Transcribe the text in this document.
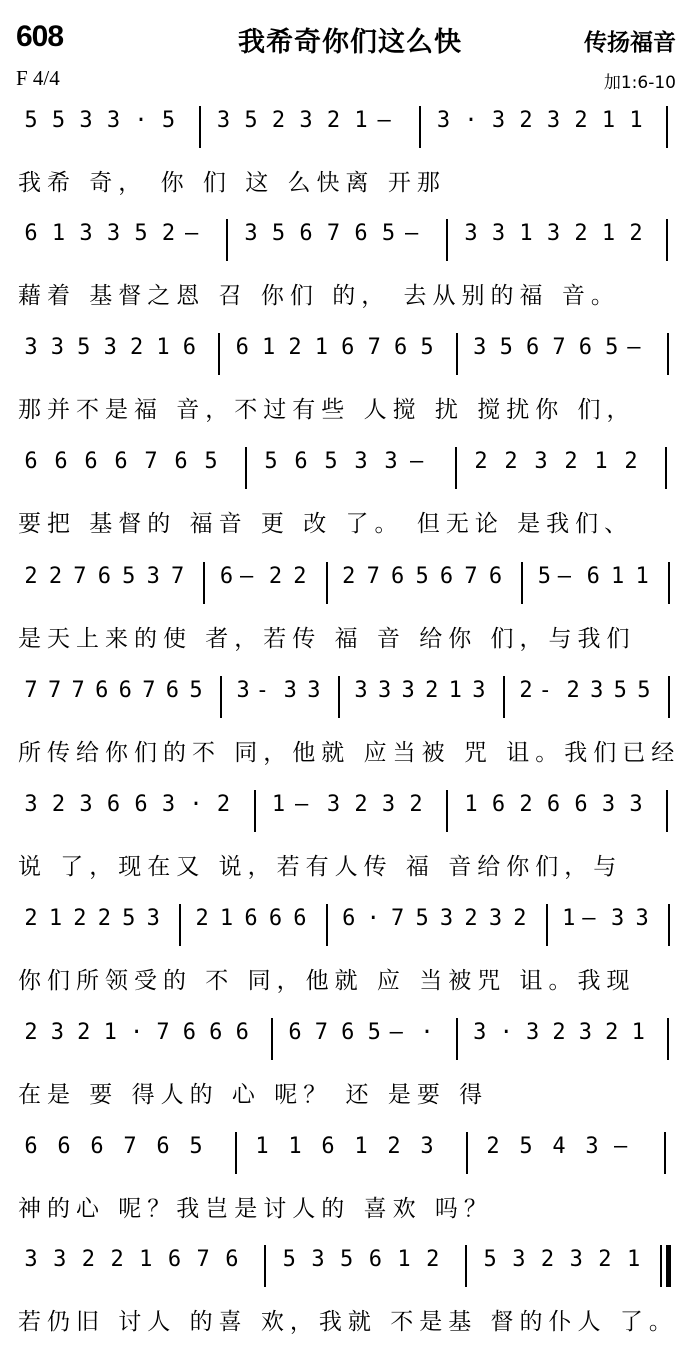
608	我希奇你们这么快	传扬福音
F 4/4	加1:6-10
5 5 3 3 · 5 3 5 2 3 2 1 — 3 · 3 2 3 2 1 1
我希 奇， 你 们 这 么快离 开那
6 1 3 3 5 2 — 3 5 6 7 6 5 — 3 3 1 3 2 1 2
藉着 基督之恩 召 你们 的， 去从别的福 音。
3 3 5 3 2 1 6 6 1 2 1 6 7 6 5 3 5 6 7 6 5 —
那并不是福 音，不过有些 人搅 扰 搅扰你 们，
6 6 6 6 7 6 5 5 6 5 3 3 — 2 2 3 2 1 2
要把 基督的 福音 更 改 了。 但无论 是我们、
2 2 7 6 5 3 7 6 — 2 2 2 7 6 5 6 7 6 5 — 6 1 1
是天上来的使 者，若传 福 音 给你 们，与我们
7 7 7 6 6 7 6 5 3 - 3 3 3 3 3 2 1 3 2 - 2 3 5 5
所传给你们的不 同，他就 应当被 咒 诅。我们已经
3 2 3 6 6 3 · 2 1 — 3 2 3 2 1 6 2 6 6 3 3
说 了，现在又 说，若有人传 福 音给你们，与
2 1 2 2 5 3 2 1 6 6 6 6 · 7 5 3 2 3 2 1 — 3 3
你们所领受的 不 同，他就 应 当被咒 诅。我现
2 3 2 1 · 7 6 6 6 6 7 6 5 — · 3 · 3 2 3 2 1
在是 要 得人的 心 呢？ 还 是要 得
6 6 6 7 6 5 1 1 6 1 2 3 2 5 4 3 —
神的心 呢？我岂是讨人的 喜欢 吗？
3 3 2 2 1 6 7 6 5 3 5 6 1 2 5 3 2 3 2 1
若仍旧 讨人 的喜 欢，我就 不是基 督的仆人 了。
